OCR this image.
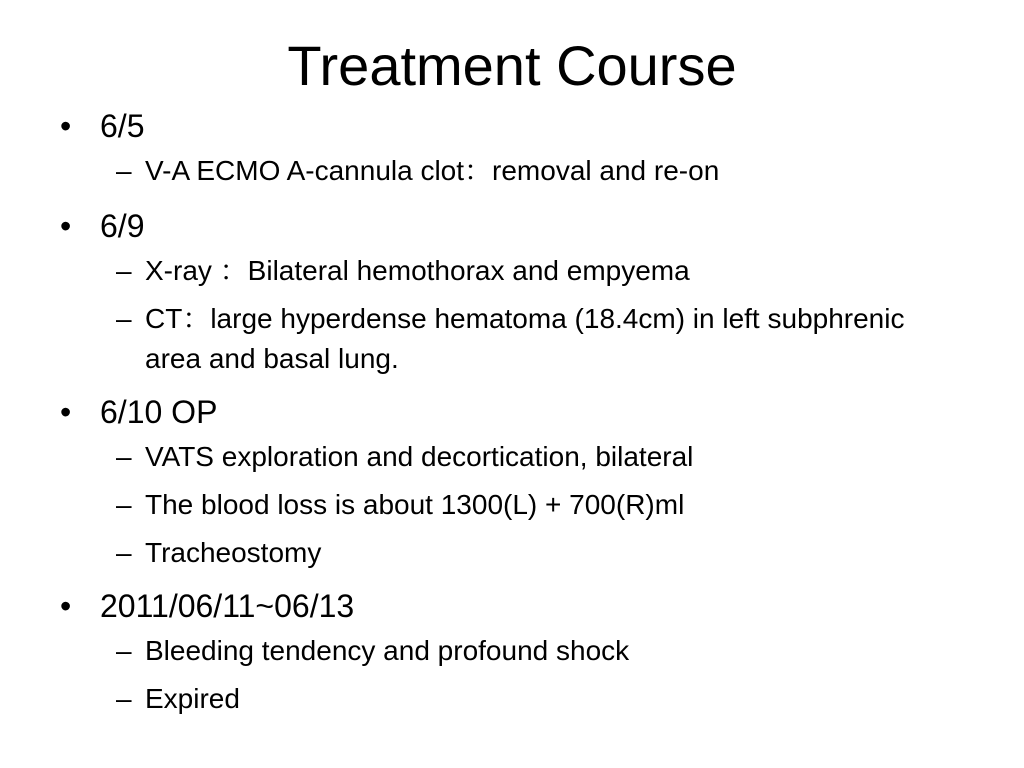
Treatment Course

• 6/5

– V-A ECMO A-cannula clot：removal and re-on

• 6/9

– X-ray ：Bilateral hemothorax and empyema

– CT：large hyperdense hematoma (18.4cm) in left subphrenic area and basal lung.

• 6/10 OP

– VATS exploration and decortication, bilateral

– The blood loss is about 1300(L) + 700(R)ml

– Tracheostomy

• 2011/06/11~06/13

– Bleeding tendency and profound shock

– Expired
